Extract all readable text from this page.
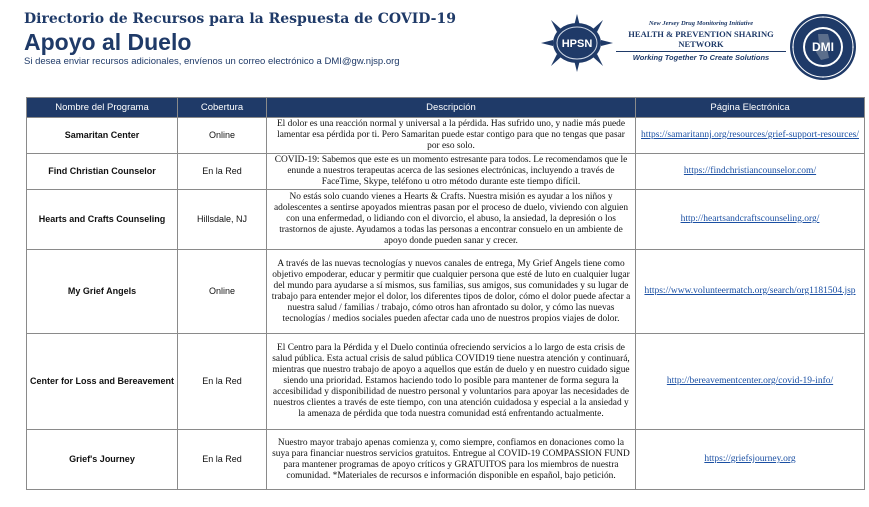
Directorio de Recursos para la Respuesta de COVID-19
Apoyo al Duelo
Si desea enviar recursos adicionales, envíenos un correo electrónico a DMI@gw.njsp.org
HPSN
New Jersey Drug Monitoring Initiative
HEALTH & PREVENTION SHARING NETWORK
Working Together To Create Solutions
DMI
Nombre del Programa	Cobertura	Descripción	Página Electrónica
Samaritan Center	Online	El dolor es una reacción normal y universal a la pérdida. Has sufrido uno, y nadie más puede lamentar esa pérdida por ti. Pero Samaritan puede estar contigo para que no tengas que pasar por eso solo.	https://samaritannj.org/resources/grief-support-resources/
Find Christian Counselor	En la Red	COVID-19: Sabemos que este es un momento estresante para todos. Le recomendamos que le enunde a nuestros terapeutas acerca de las sesiones electrónicas, incluyendo a través de FaceTime, Skype, teléfono u otro método durante este tiempo difícil.	https://findchristiancounselor.com/
Hearts and Crafts Counseling	Hillsdale, NJ	No estás solo cuando vienes a Hearts & Crafts. Nuestra misión es ayudar a los niños y adolescentes a sentirse apoyados mientras pasan por el proceso de duelo, viviendo con alguien con una enfermedad, o lidiando con el divorcio, el abuso, la ansiedad, la depresión o los trastornos de ajuste. Ayudamos a todas las personas a encontrar consuelo en un ambiente de apoyo donde pueden sanar y crecer.	http://heartsandcraftscounseling.org/
My Grief Angels	Online	A través de las nuevas tecnologías y nuevos canales de entrega, My Grief Angels tiene como objetivo empoderar, educar y permitir que cualquier persona que esté de luto en cualquier lugar del mundo para ayudarse a sí mismos, sus familias, sus amigos, sus comunidades y su lugar de trabajo para entender mejor el dolor, los diferentes tipos de dolor, cómo el dolor puede afectar a nuestra salud / familias / trabajo, cómo otros han afrontado su dolor, y cómo las nuevas tecnologías / medios sociales pueden afectar cada uno de nuestros propios viajes de dolor.	https://www.volunteermatch.org/search/org1181504.jsp
Center for Loss and Bereavement	En la Red	El Centro para la Pérdida y el Duelo continúa ofreciendo servicios a lo largo de esta crisis de salud pública. Esta actual crisis de salud pública COVID19 tiene nuestra atención y continuará, mientras que nuestro trabajo de apoyo a aquellos que están de duelo y en nuestro cuidado sigue siendo una prioridad. Estamos haciendo todo lo posible para mantener de forma segura la accesibilidad y disponibilidad de nuestro personal y voluntarios para apoyar las necesidades de nuestros clientes a través de este tiempo, con una atención cuidadosa y especial a la ansiedad y la amenaza de pérdida que toda nuestra comunidad está enfrentando actualmente.	http://bereavementcenter.org/covid-19-info/
Grief's Journey	En la Red	Nuestro mayor trabajo apenas comienza y, como siempre, confiamos en donaciones como la suya para financiar nuestros servicios gratuitos. Entregue al COVID-19 COMPASSION FUND para mantener programas de apoyo críticos y GRATUITOS para los miembros de nuestra comunidad. *Materiales de recursos e información disponible en español, bajo petición.	https://griefsjourney.org
